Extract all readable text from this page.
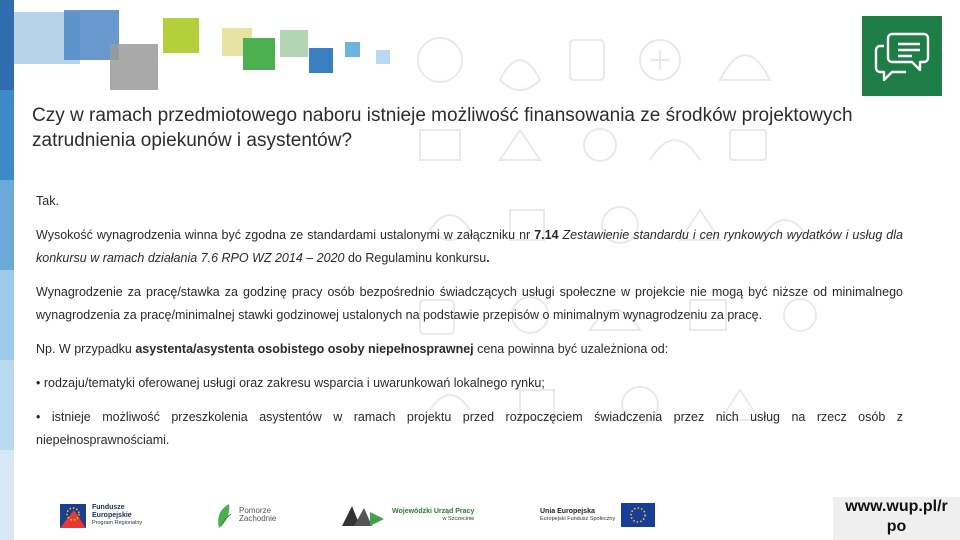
Czy w ramach przedmiotowego naboru istnieje możliwość finansowania ze środków projektowych zatrudnienia opiekunów i asystentów?

Tak.

Wysokość wynagrodzenia winna być zgodna ze standardami ustalonymi w załączniku nr 7.14 Zestawienie standardu i cen rynkowych wydatków i usług dla konkursu w ramach działania 7.6 RPO WZ 2014 – 2020 do Regulaminu konkursu.

Wynagrodzenie za pracę/stawka za godzinę pracy osób bezpośrednio świadczących usługi społeczne w projekcie nie mogą być niższe od minimalnego wynagrodzenia za pracę/minimalnej stawki godzinowej ustalonych na podstawie przepisów o minimalnym wynagrodzeniu za pracę.

Np. W przypadku asystenta/asystenta osobistego osoby niepełnosprawnej cena powinna być uzależniona od:

• rodzaju/tematyki oferowanej usługi oraz zakresu wsparcia i uwarunkowań lokalnego rynku;

• istnieje możliwość przeszkolenia asystentów w ramach projektu przed rozpoczęciem świadczenia przez nich usług na rzecz osób z niepełnosprawnościami.

Fundusze
Europejskie
Program Regionalny
Pomorze
Zachodnie
Wojewódzki Urząd Pracy
w Szczecinie
Unia Europejska
Europejski Fundusz Społeczny
www.wup.pl/r
po
